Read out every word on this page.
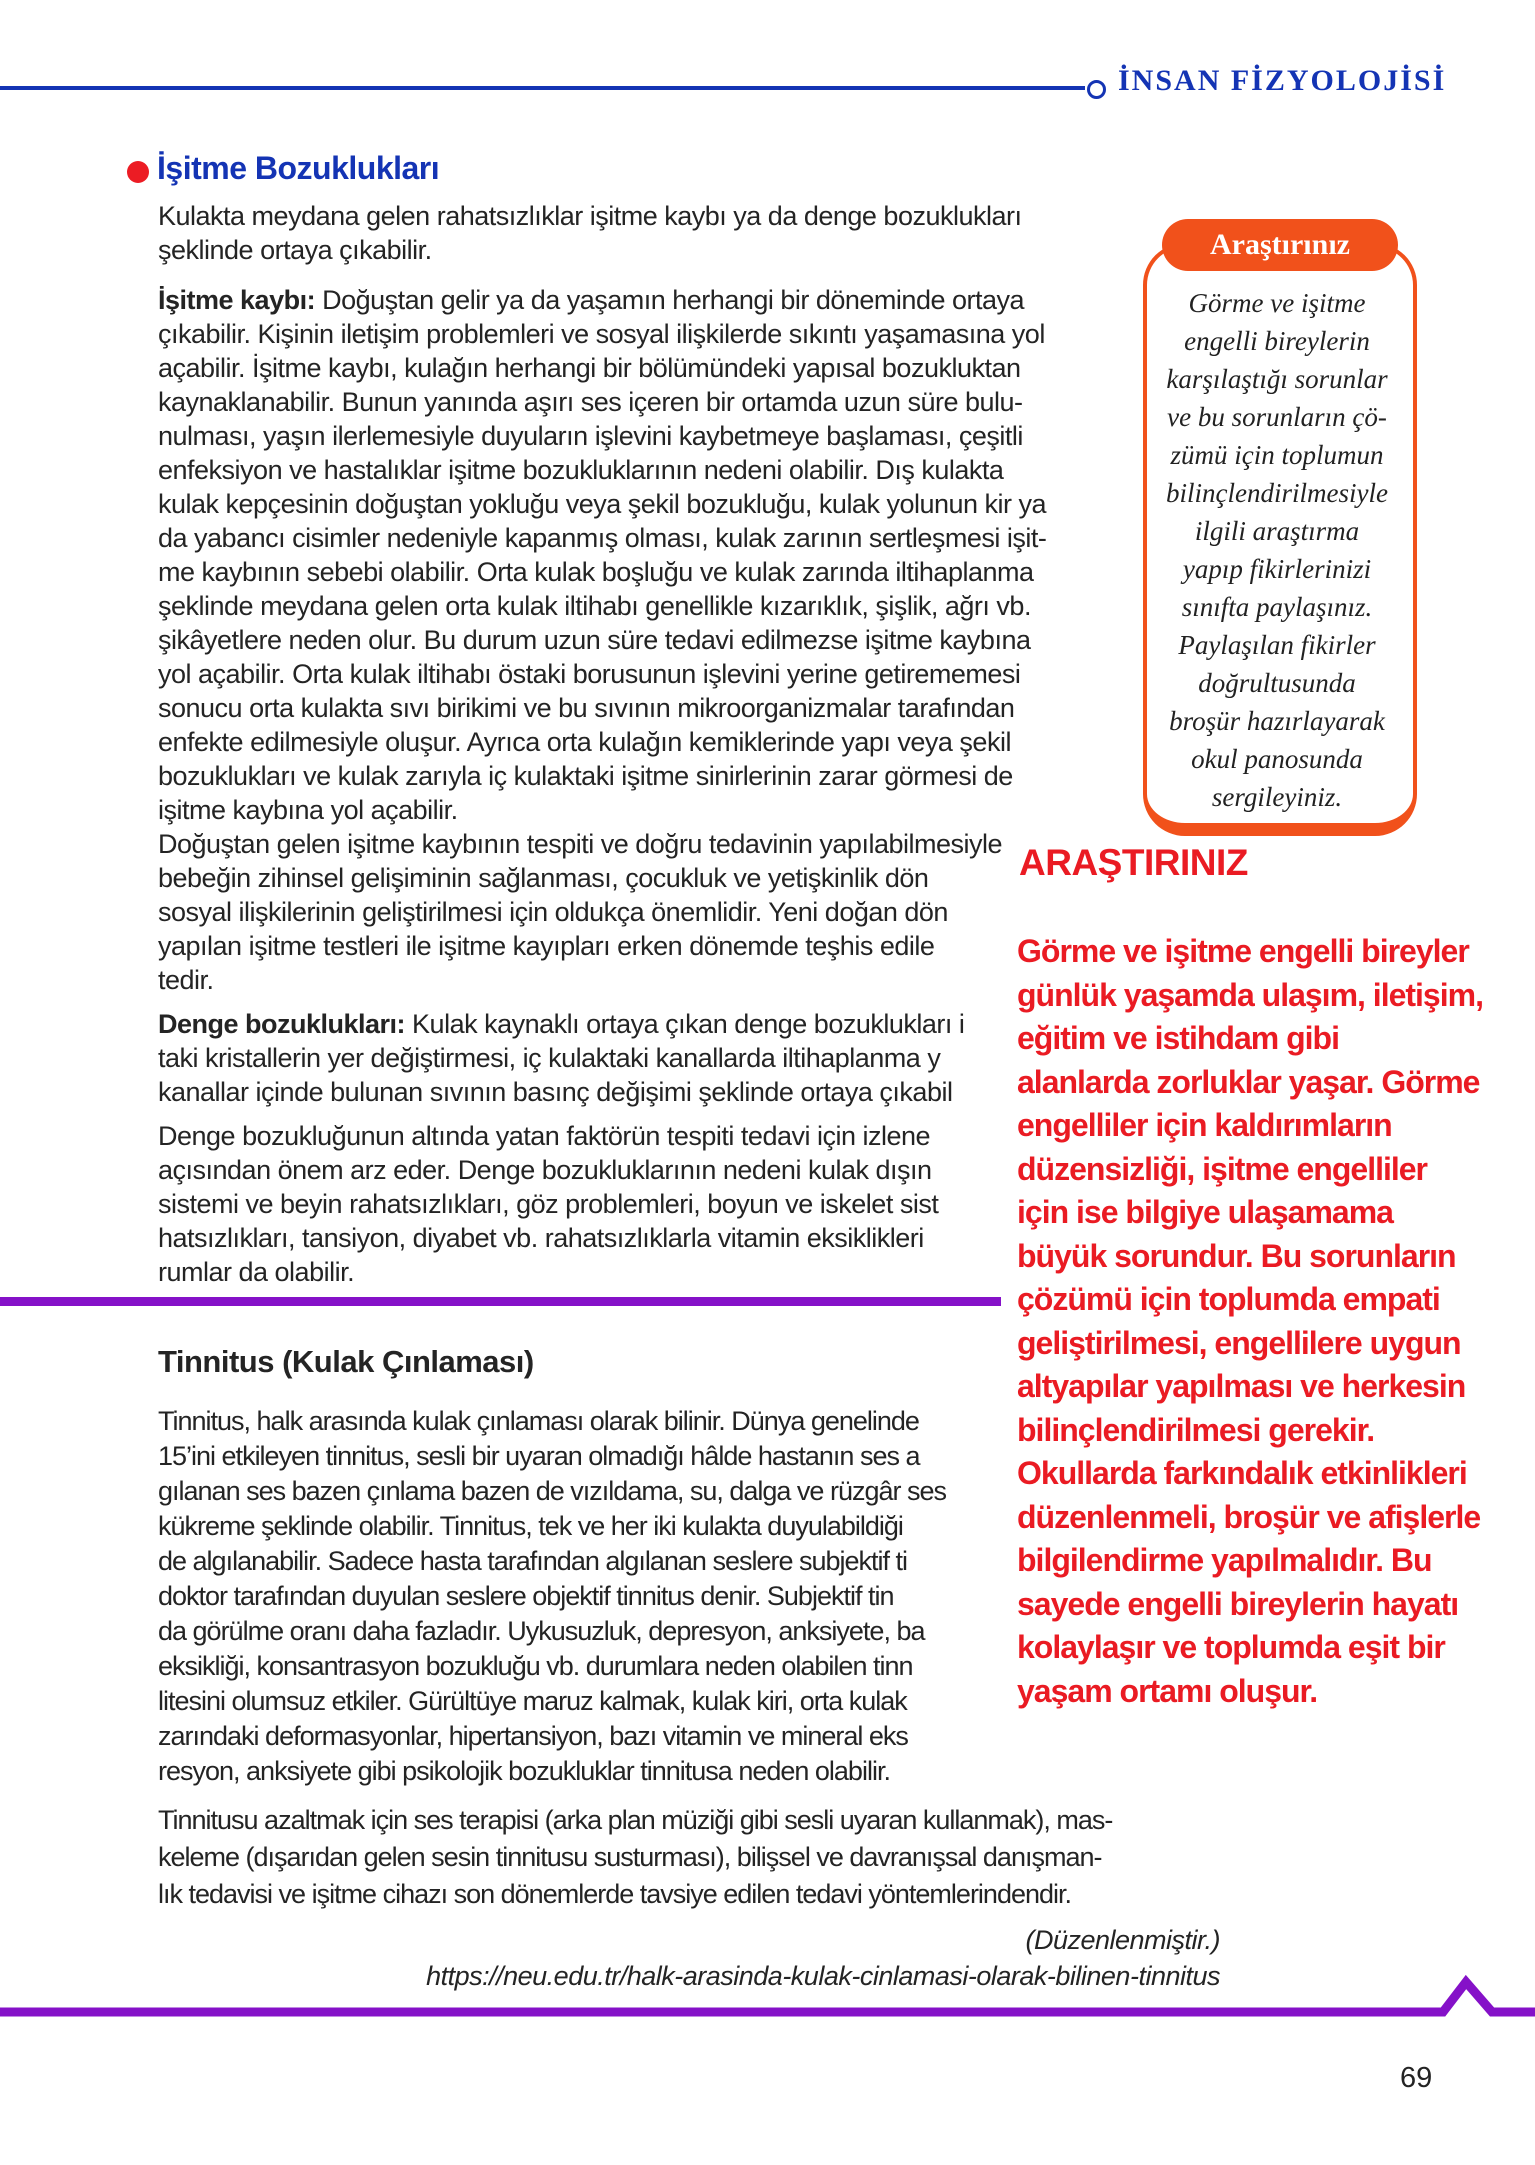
İNSAN FİZYOLOJİSİ
İşitme Bozuklukları
Kulakta meydana gelen rahatsızlıklar işitme kaybı ya da denge bozuklukları
şeklinde ortaya çıkabilir.
İşitme kaybı: Doğuştan gelir ya da yaşamın herhangi bir döneminde ortaya
çıkabilir. Kişinin iletişim problemleri ve sosyal ilişkilerde sıkıntı yaşamasına yol
açabilir. İşitme kaybı, kulağın herhangi bir bölümündeki yapısal bozukluktan
kaynaklanabilir. Bunun yanında aşırı ses içeren bir ortamda uzun süre bulu-
nulması, yaşın ilerlemesiyle duyuların işlevini kaybetmeye başlaması, çeşitli
enfeksiyon ve hastalıklar işitme bozukluklarının nedeni olabilir. Dış kulakta
kulak kepçesinin doğuştan yokluğu veya şekil bozukluğu, kulak yolunun kir ya
da yabancı cisimler nedeniyle kapanmış olması, kulak zarının sertleşmesi işit-
me kaybının sebebi olabilir. Orta kulak boşluğu ve kulak zarında iltihaplanma
şeklinde meydana gelen orta kulak iltihabı genellikle kızarıklık, şişlik, ağrı vb.
şikâyetlere neden olur. Bu durum uzun süre tedavi edilmezse işitme kaybına
yol açabilir. Orta kulak iltihabı östaki borusunun işlevini yerine getirememesi
sonucu orta kulakta sıvı birikimi ve bu sıvının mikroorganizmalar tarafından
enfekte edilmesiyle oluşur. Ayrıca orta kulağın kemiklerinde yapı veya şekil
bozuklukları ve kulak zarıyla iç kulaktaki işitme sinirlerinin zarar görmesi de
işitme kaybına yol açabilir.
Doğuştan gelen işitme kaybının tespiti ve doğru tedavinin yapılabilmesiyle
bebeğin zihinsel gelişiminin sağlanması, çocukluk ve yetişkinlik dön
sosyal ilişkilerinin geliştirilmesi için oldukça önemlidir. Yeni doğan dön
yapılan işitme testleri ile işitme kayıpları erken dönemde teşhis edile
tedir.
Denge bozuklukları: Kulak kaynaklı ortaya çıkan denge bozuklukları i
taki kristallerin yer değiştirmesi, iç kulaktaki kanallarda iltihaplanma y
kanallar içinde bulunan sıvının basınç değişimi şeklinde ortaya çıkabil
Denge bozukluğunun altında yatan faktörün tespiti tedavi için izlene
açısından önem arz eder. Denge bozukluklarının nedeni kulak dışın
sistemi ve beyin rahatsızlıkları, göz problemleri, boyun ve iskelet sist
hatsızlıkları, tansiyon, diyabet vb. rahatsızlıklarla vitamin eksiklikleri
rumlar da olabilir.
Tinnitus (Kulak Çınlaması)
Tinnitus, halk arasında kulak çınlaması olarak bilinir. Dünya genelinde
15’ini etkileyen tinnitus, sesli bir uyaran olmadığı hâlde hastanın ses a
gılanan ses bazen çınlama bazen de vızıldama, su, dalga ve rüzgâr ses
kükreme şeklinde olabilir. Tinnitus, tek ve her iki kulakta duyulabildiği
de algılanabilir. Sadece hasta tarafından algılanan seslere subjektif ti
doktor tarafından duyulan seslere objektif tinnitus denir. Subjektif tin
da görülme oranı daha fazladır. Uykusuzluk, depresyon, anksiyete, ba
eksikliği, konsantrasyon bozukluğu vb. durumlara neden olabilen tinn
litesini olumsuz etkiler. Gürültüye maruz kalmak, kulak kiri, orta kulak
zarındaki deformasyonlar, hipertansiyon, bazı vitamin ve mineral eks
resyon, anksiyete gibi psikolojik bozukluklar tinnitusa neden olabilir.
Tinnitusu azaltmak için ses terapisi (arka plan müziği gibi sesli uyaran kullanmak), mas-
keleme (dışarıdan gelen sesin tinnitusu susturması), bilişsel ve davranışsal danışman-
lık tedavisi ve işitme cihazı son dönemlerde tavsiye edilen tedavi yöntemlerindendir.
(Düzenlenmiştir.)
https://neu.edu.tr/halk-arasinda-kulak-cinlamasi-olarak-bilinen-tinnitus
Araştırınız
Görme ve işitme
engelli bireylerin
karşılaştığı sorunlar
ve bu sorunların çö-
zümü için toplumun
bilinçlendirilmesiyle
ilgili araştırma
yapıp fikirlerinizi
sınıfta paylaşınız.
Paylaşılan fikirler
doğrultusunda
broşür hazırlayarak
okul panosunda
sergileyiniz.
ARAŞTIRINIZ
Görme ve işitme engelli bireyler
günlük yaşamda ulaşım, iletişim,
eğitim ve istihdam gibi
alanlarda zorluklar yaşar. Görme
engelliler için kaldırımların
düzensizliği, işitme engelliler
için ise bilgiye ulaşamama
büyük sorundur. Bu sorunların
çözümü için toplumda empati
geliştirilmesi, engellilere uygun
altyapılar yapılması ve herkesin
bilinçlendirilmesi gerekir.
Okullarda farkındalık etkinlikleri
düzenlenmeli, broşür ve afişlerle
bilgilendirme yapılmalıdır. Bu
sayede engelli bireylerin hayatı
kolaylaşır ve toplumda eşit bir
yaşam ortamı oluşur.
69
